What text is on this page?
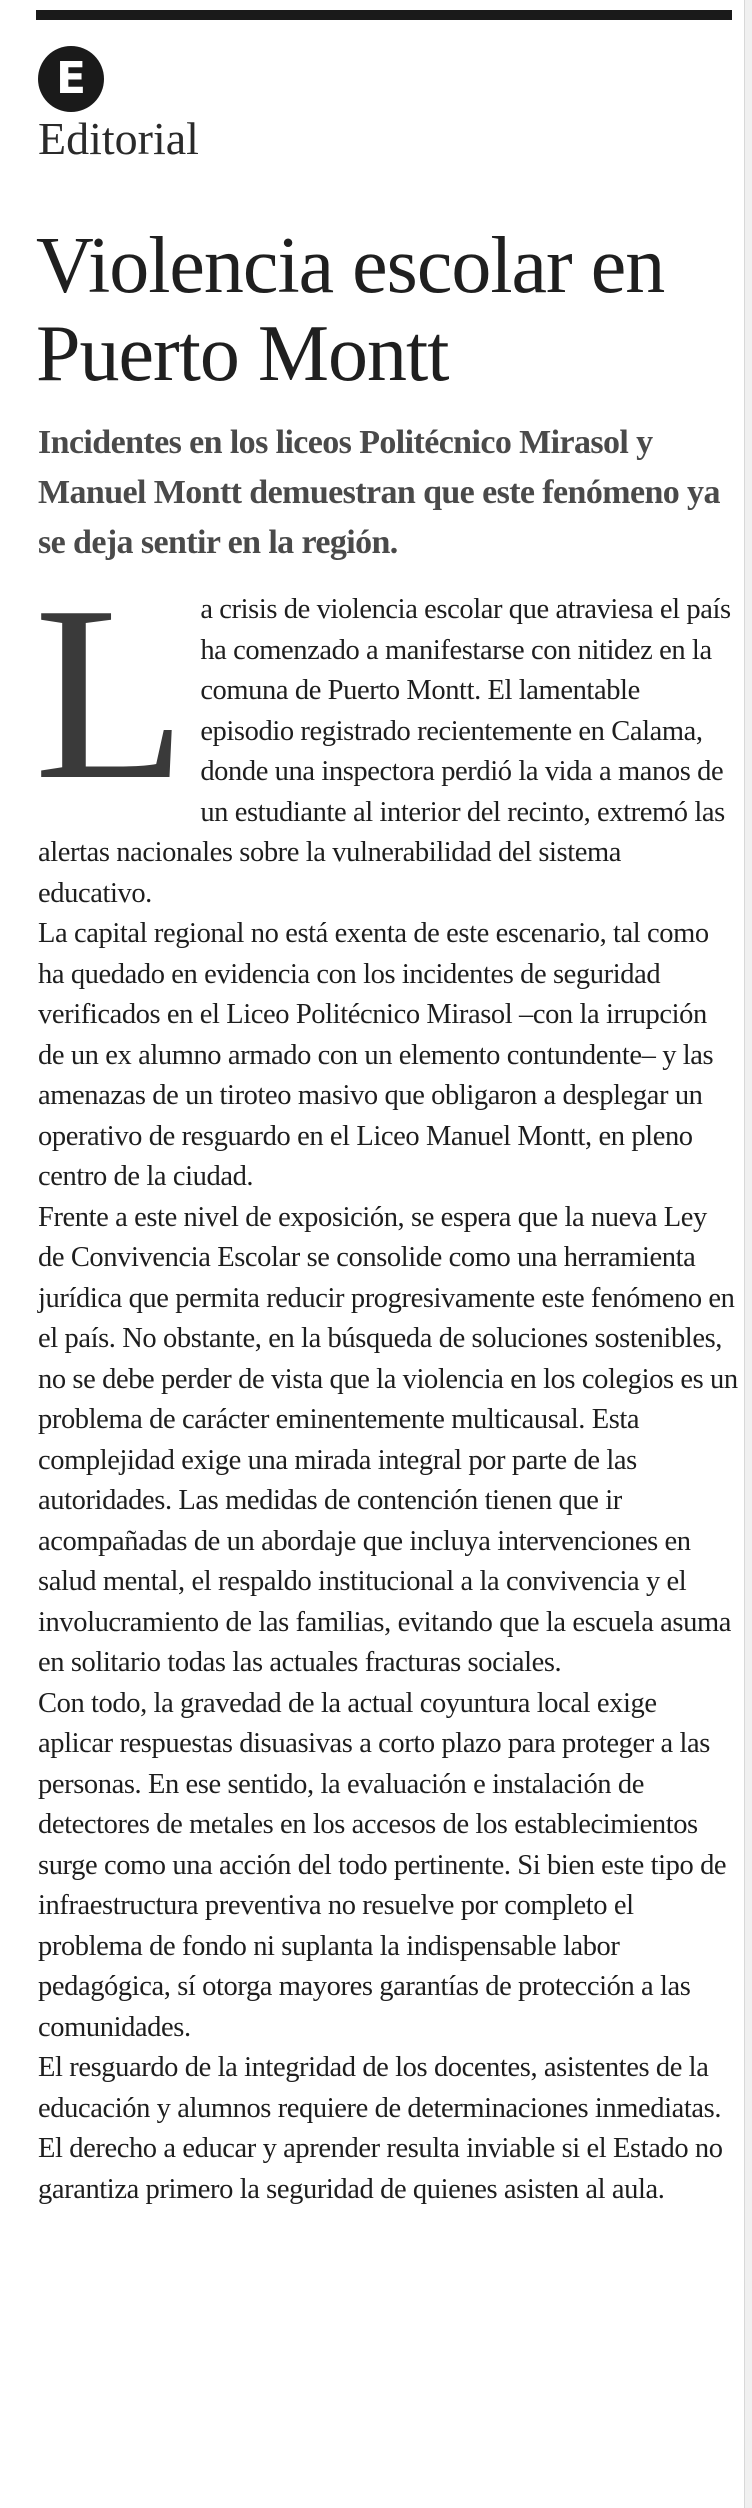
E
Editorial
Violencia escolar en Puerto Montt
Incidentes en los liceos Politécnico Mirasol y Manuel Montt demuestran que este fenómeno ya se deja sentir en la región.

La crisis de violencia escolar que atraviesa el país ha comenzado a manifestarse con nitidez en la comuna de Puerto Montt. El lamentable episodio registrado recientemente en Calama, donde una inspectora perdió la vida a manos de un estudiante al interior del recinto, extremó las alertas nacionales sobre la vulnerabilidad del sistema educativo.

La capital regional no está exenta de este escenario, tal como ha quedado en evidencia con los incidentes de seguridad verificados en el Liceo Politécnico Mirasol –con la irrupción de un ex alumno armado con un elemento contundente– y las amenazas de un tiroteo masivo que obligaron a desplegar un operativo de resguardo en el Liceo Manuel Montt, en pleno centro de la ciudad.

Frente a este nivel de exposición, se espera que la nueva Ley de Convivencia Escolar se consolide como una herramienta jurídica que permita reducir progresivamente este fenómeno en el país. No obstante, en la búsqueda de soluciones sostenibles, no se debe perder de vista que la violencia en los colegios es un problema de carácter eminentemente multicausal. Esta complejidad exige una mirada integral por parte de las autoridades. Las medidas de contención tienen que ir acompañadas de un abordaje que incluya intervenciones en salud mental, el respaldo institucional a la convivencia y el involucramiento de las familias, evitando que la escuela asuma en solitario todas las actuales fracturas sociales.

Con todo, la gravedad de la actual coyuntura local exige aplicar respuestas disuasivas a corto plazo para proteger a las personas. En ese sentido, la evaluación e instalación de detectores de metales en los accesos de los establecimientos surge como una acción del todo pertinente. Si bien este tipo de infraestructura preventiva no resuelve por completo el problema de fondo ni suplanta la indispensable labor pedagógica, sí otorga mayores garantías de protección a las comunidades.

El resguardo de la integridad de los docentes, asistentes de la educación y alumnos requiere de determinaciones inmediatas. El derecho a educar y aprender resulta inviable si el Estado no garantiza primero la seguridad de quienes asisten al aula.
